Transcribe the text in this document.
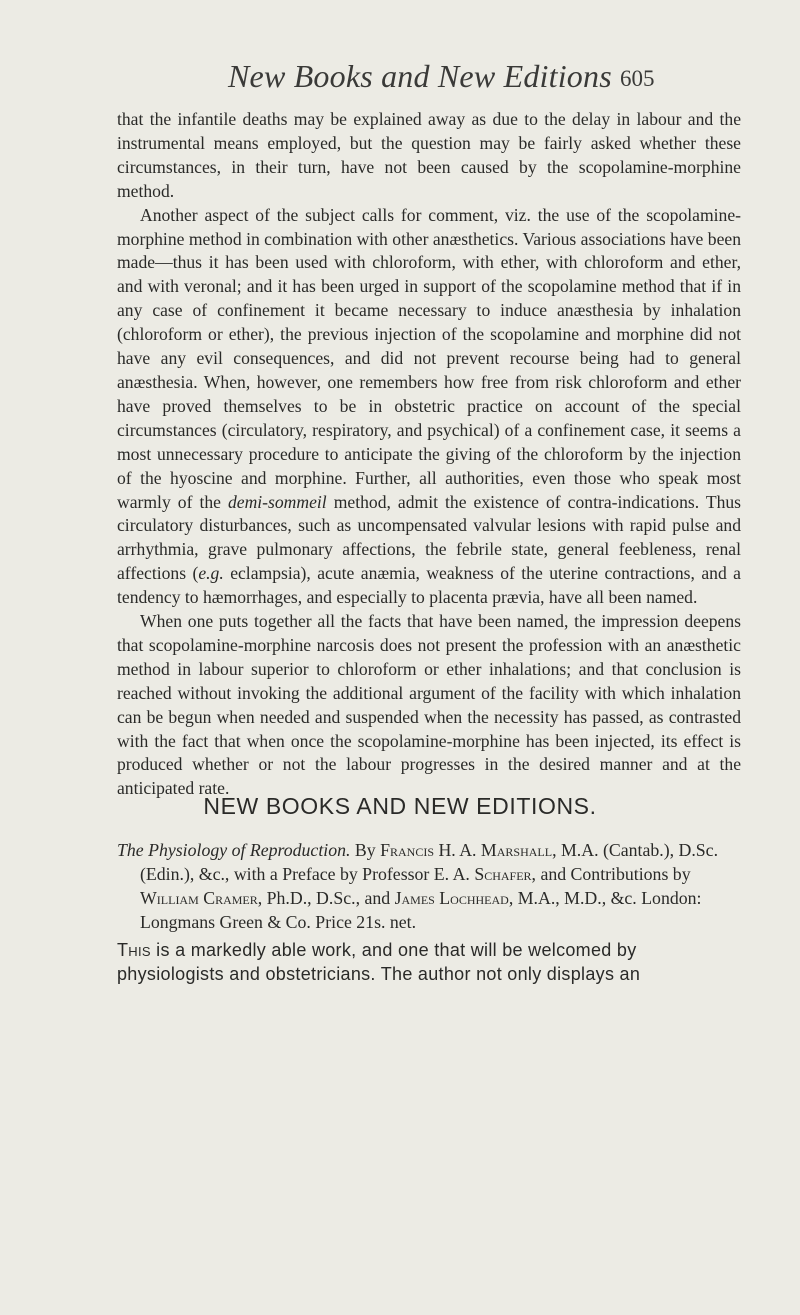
New Books and New Editions 605

that the infantile deaths may be explained away as due to the delay in labour and the instrumental means employed, but the question may be fairly asked whether these circumstances, in their turn, have not been caused by the scopolamine-morphine method.

Another aspect of the subject calls for comment, viz. the use of the scopolamine-morphine method in combination with other anæsthetics. Various associations have been made—thus it has been used with chloroform, with ether, with chloroform and ether, and with veronal; and it has been urged in support of the scopolamine method that if in any case of confinement it became necessary to induce anæsthesia by inhalation (chloroform or ether), the previous injection of the scopolamine and morphine did not have any evil consequences, and did not prevent recourse being had to general anæsthesia. When, however, one remembers how free from risk chloroform and ether have proved themselves to be in obstetric practice on account of the special circumstances (circulatory, respiratory, and psychical) of a confinement case, it seems a most unnecessary procedure to anticipate the giving of the chloroform by the injection of the hyoscine and morphine. Further, all authorities, even those who speak most warmly of the demi-sommeil method, admit the existence of contra-indications. Thus circulatory disturbances, such as uncompensated valvular lesions with rapid pulse and arrhythmia, grave pulmonary affections, the febrile state, general feebleness, renal affections (e.g. eclampsia), acute anæmia, weakness of the uterine contractions, and a tendency to hæmorrhages, and especially to placenta prævia, have all been named.

When one puts together all the facts that have been named, the impression deepens that scopolamine-morphine narcosis does not present the profession with an anæsthetic method in labour superior to chloroform or ether inhalations; and that conclusion is reached without invoking the additional argument of the facility with which inhalation can be begun when needed and suspended when the necessity has passed, as contrasted with the fact that when once the scopolamine-morphine has been injected, its effect is produced whether or not the labour progresses in the desired manner and at the anticipated rate.

NEW BOOKS AND NEW EDITIONS.

The Physiology of Reproduction. By Francis H. A. Marshall, M.A. (Cantab.), D.Sc.(Edin.), &c., with a Preface by Professor E. A. Schafer, and Contributions by William Cramer, Ph.D., D.Sc., and James Lochhead, M.A., M.D., &c. London: Longmans Green & Co. Price 21s. net.

This is a markedly able work, and one that will be welcomed by physiologists and obstetricians. The author not only displays an
